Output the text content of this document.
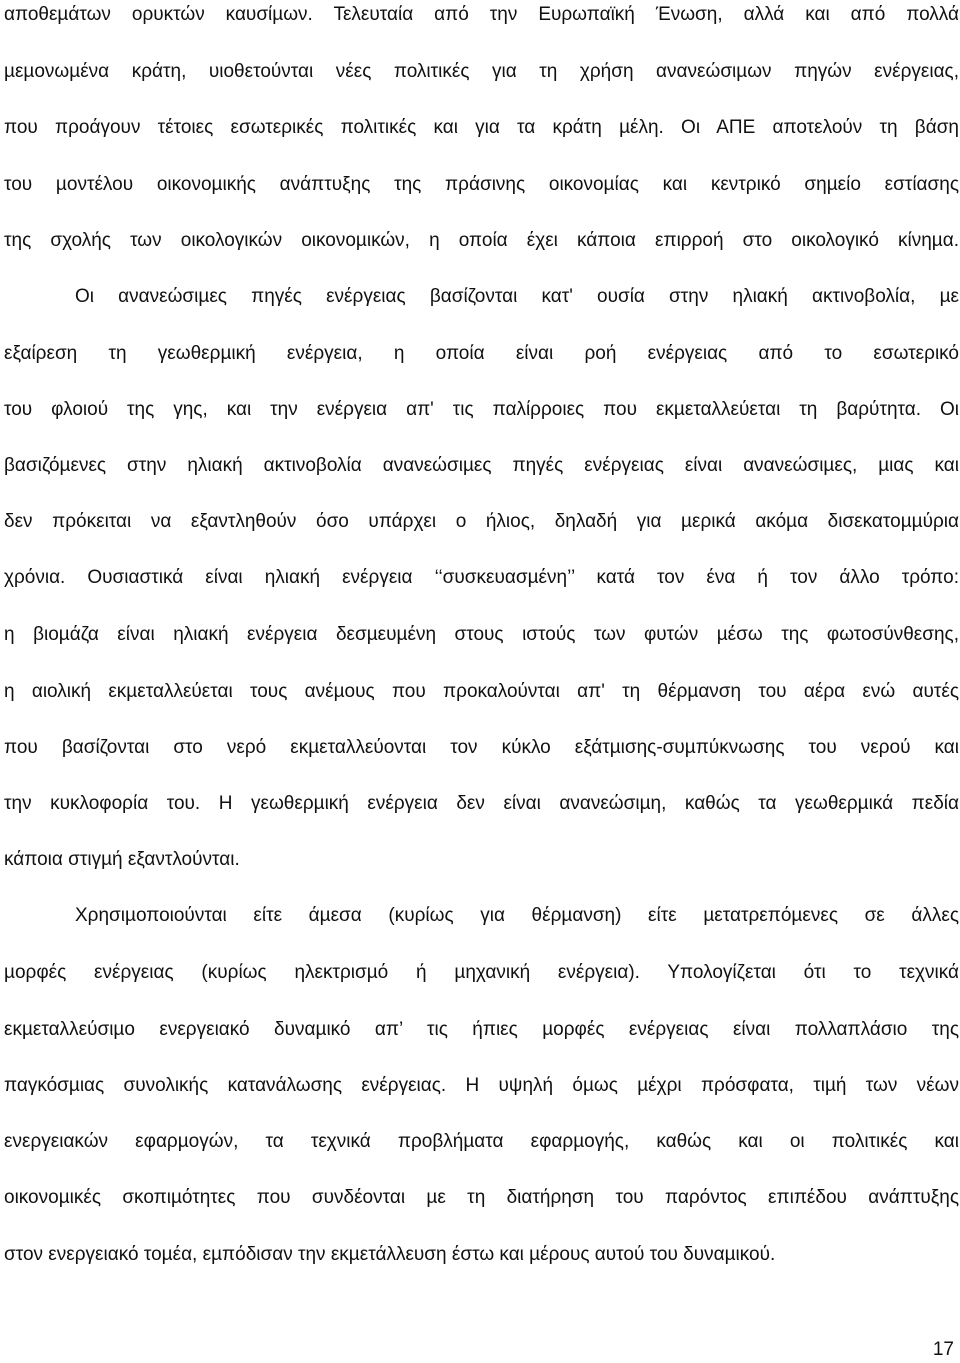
αποθεµάτων ορυκτών καυσίµων. Τελευταία από την Ευρωπαϊκή Ένωση, αλλά και από πολλά
µεµονωµένα κράτη, υιοθετούνται νέες πολιτικές για τη χρήση ανανεώσιµων πηγών ενέργειας,
που προάγουν τέτοιες εσωτερικές πολιτικές και για τα κράτη µέλη. Οι ΑΠΕ αποτελούν τη βάση
του µοντέλου οικονοµικής ανάπτυξης της πράσινης οικονοµίας και κεντρικό σηµείο εστίασης
της σχολής των οικολογικών οικονοµικών, η οποία έχει κάποια επιρροή στο οικολογικό κίνηµα.
Οι ανανεώσιµες πηγές ενέργειας βασίζονται κατ' ουσία στην ηλιακή ακτινοβολία, µε
εξαίρεση τη γεωθερµική ενέργεια, η οποία είναι ροή ενέργειας από το εσωτερικό
του φλοιού της γης, και την ενέργεια απ' τις παλίρροιες που εκµεταλλεύεται τη βαρύτητα. Οι
βασιζόµενες στην ηλιακή ακτινοβολία ανανεώσιµες πηγές ενέργειας είναι ανανεώσιµες, µιας και
δεν πρόκειται να εξαντληθούν όσο υπάρχει ο ήλιος, δηλαδή για µερικά ακόµα δισεκατοµµύρια
χρόνια. Ουσιαστικά είναι ηλιακή ενέργεια ‘‘συσκευασµένη’’ κατά τον ένα ή τον άλλο τρόπο:
η βιοµάζα είναι ηλιακή ενέργεια δεσµευµένη στους ιστούς των φυτών µέσω της φωτοσύνθεσης,
η αιολική εκµεταλλεύεται τους ανέµους που προκαλούνται απ' τη θέρµανση του αέρα ενώ αυτές
που βασίζονται στο νερό εκµεταλλεύονται τον κύκλο εξάτµισης-συµπύκνωσης του νερού και
την κυκλοφορία του. Η γεωθερµική ενέργεια δεν είναι ανανεώσιµη, καθώς τα γεωθερµικά πεδία
κάποια στιγµή εξαντλούνται.
Χρησιµοποιούνται είτε άµεσα (κυρίως για θέρµανση) είτε µετατρεπόµενες σε άλλες
µορφές ενέργειας (κυρίως ηλεκτρισµό ή µηχανική ενέργεια). Υπολογίζεται ότι το τεχνικά
εκµεταλλεύσιµο ενεργειακό δυναµικό απ’ τις ήπιες µορφές ενέργειας είναι πολλαπλάσιο της
παγκόσµιας συνολικής κατανάλωσης ενέργειας. Η υψηλή όµως µέχρι πρόσφατα, τιµή των νέων
ενεργειακών εφαρµογών, τα τεχνικά προβλήµατα εφαρµογής, καθώς και οι πολιτικές και
οικονοµικές σκοπιµότητες που συνδέονται µε τη διατήρηση του παρόντος επιπέδου ανάπτυξης
στον ενεργειακό τοµέα, εµπόδισαν την εκµετάλλευση έστω και µέρους αυτού του δυναµικού.
17
